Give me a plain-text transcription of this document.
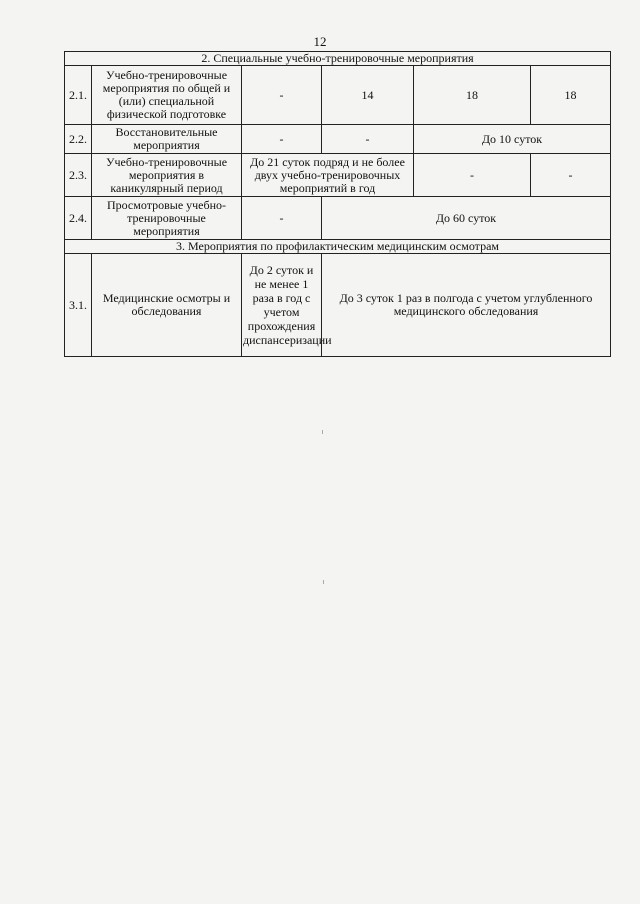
12
2. Специальные учебно-тренировочные мероприятия					
2.1.	Учебно-тренировочные мероприятия по общей и (или) специальной физической подготовке	-	14	18	18
2.2.	Восстановительные мероприятия	-	-	До 10 суток	
2.3.	Учебно-тренировочные мероприятия в каникулярный период	До 21 суток подряд и не более двух учебно-тренировочных мероприятий в год		-	-
2.4.	Просмотровые учебно-тренировочные мероприятия	-	До 60 суток		
3. Мероприятия по профилактическим медицинским осмотрам					
3.1.	Медицинские осмотры и обследования	До 2 суток и не менее 1 раза в год с учетом прохождения диспансеризации	До 3 суток 1 раз в полгода с учетом углубленного медицинского обследования		
